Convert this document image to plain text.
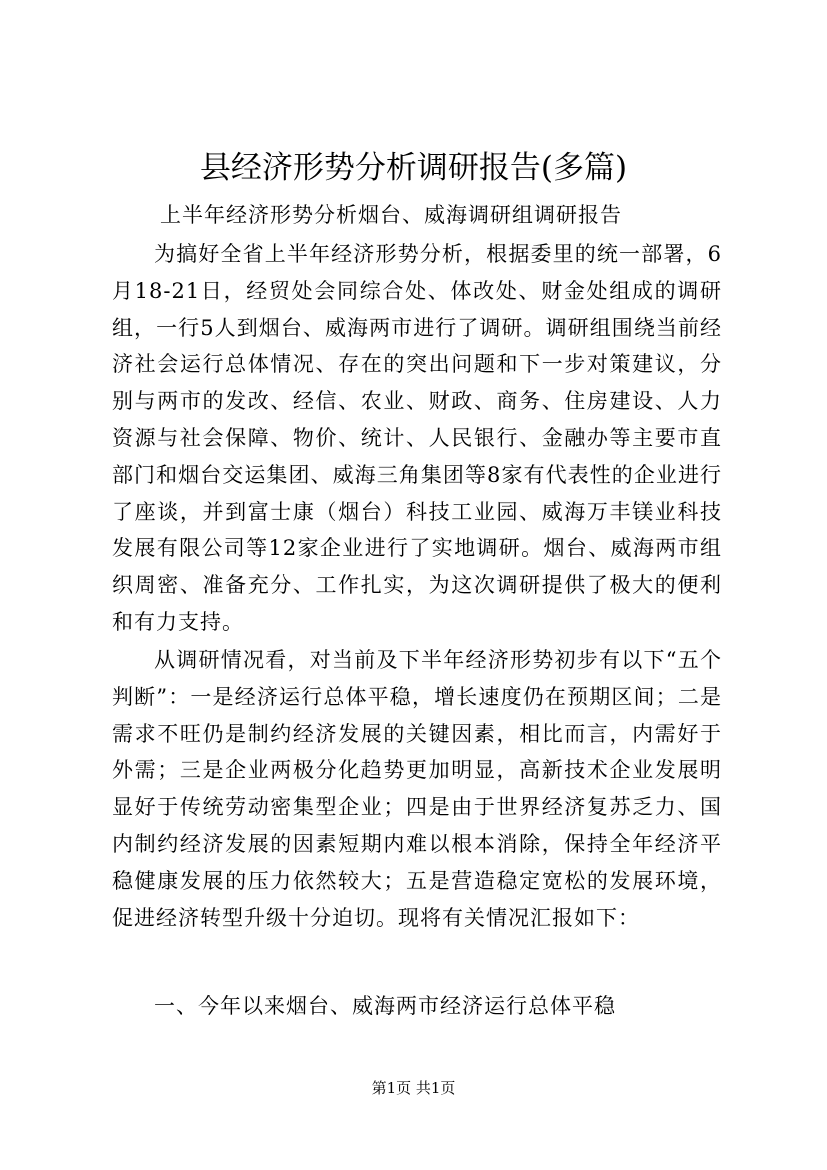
县经济形势分析调研报告(多篇)
上半年经济形势分析烟台、威海调研组调研报告
为搞好全省上半年经济形势分析，根据委里的统一部署，6月18-21日，经贸处会同综合处、体改处、财金处组成的调研组，一行5人到烟台、威海两市进行了调研。调研组围绕当前经济社会运行总体情况、存在的突出问题和下一步对策建议，分别与两市的发改、经信、农业、财政、商务、住房建设、人力资源与社会保障、物价、统计、人民银行、金融办等主要市直部门和烟台交运集团、威海三角集团等8家有代表性的企业进行了座谈，并到富士康（烟台）科技工业园、威海万丰镁业科技发展有限公司等12家企业进行了实地调研。烟台、威海两市组织周密、准备充分、工作扎实，为这次调研提供了极大的便利和有力支持。
从调研情况看，对当前及下半年经济形势初步有以下“五个判断”：一是经济运行总体平稳，增长速度仍在预期区间；二是需求不旺仍是制约经济发展的关键因素，相比而言，内需好于外需；三是企业两极分化趋势更加明显，高新技术企业发展明显好于传统劳动密集型企业；四是由于世界经济复苏乏力、国内制约经济发展的因素短期内难以根本消除，保持全年经济平稳健康发展的压力依然较大；五是营造稳定宽松的发展环境，促进经济转型升级十分迫切。现将有关情况汇报如下：
一、今年以来烟台、威海两市经济运行总体平稳
第1页 共1页
